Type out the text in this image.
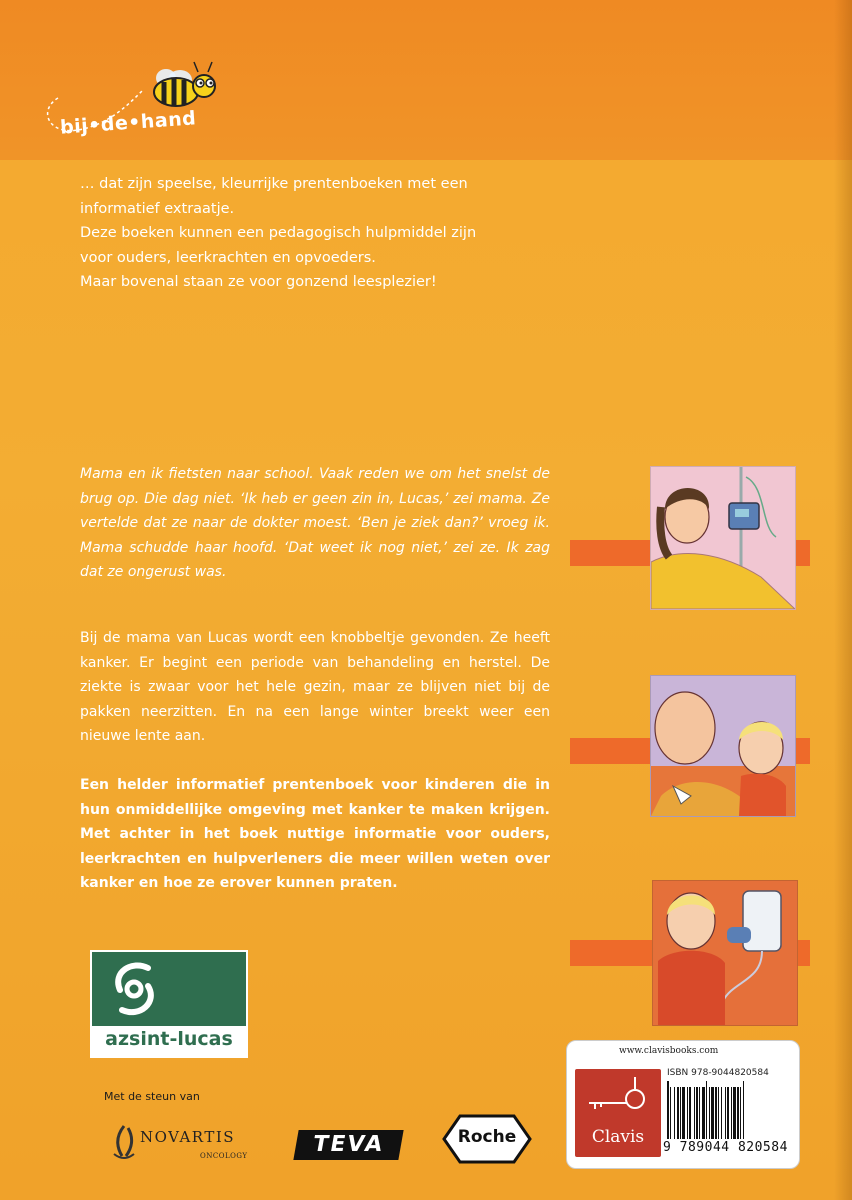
bij•de•hand

… dat zijn speelse, kleurrijke prentenboeken met een

informatief extraatje.

Deze boeken kunnen een pedagogisch hulpmiddel zijn

voor ouders, leerkrachten en opvoeders.

Maar bovenal staan ze voor gonzend leesplezier!

Mama en ik fietsten naar school. Vaak reden we om het snelst de brug op. Die dag niet. ‘Ik heb er geen zin in, Lucas,’ zei mama. Ze vertelde dat ze naar de dokter moest. ‘Ben je ziek dan?’ vroeg ik. Mama schudde haar hoofd. ‘Dat weet ik nog niet,’ zei ze. Ik zag dat ze ongerust was.
Bij de mama van Lucas wordt een knobbeltje gevonden. Ze heeft kanker. Er begint een periode van behandeling en herstel. De ziekte is zwaar voor het hele gezin, maar ze blijven niet bij de pakken neerzitten. En na een lange winter breekt weer een nieuwe lente aan.
Een helder informatief prentenboek voor kinderen die in hun onmiddellijke omgeving met kanker te maken krijgen. Met achter in het boek nuttige informatie voor ouders, leerkrachten en hulpverleners die meer willen weten over kanker en hoe ze erover kunnen praten.
azsint-lucas
Met de steun van
NOVARTIS
ONCOLOGY	TEVA	Roche
www.clavisbooks.com
Clavis
ISBN 978-9044820584
9 789044 820584
